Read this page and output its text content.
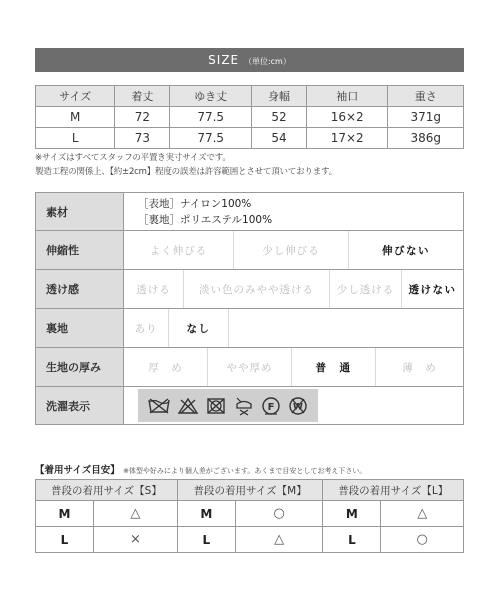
SIZE （単位:cm）
サイズ	着丈	ゆき丈	身幅	袖口	重さ
M	72	77.5	52	16×2	371g
L	73	77.5	54	17×2	386g
※サイズはすべてスタッフの平置き実寸サイズです。
製造工程の関係上、【約±2cm】程度の誤差は許容範囲とさせて頂いております。
素材	［表地］ナイロン100%
［裏地］ポリエステル100%

伸縮性	よく伸びる 少し伸びる 伸びない

透け感	透ける 淡い色のみやや透ける 少し透ける 透けない

裏地	あり なし

生地の厚み	厚　め やや厚め 普　通 薄　め

洗濯表示	F W
【着用サイズ目安】 ※体型や好みにより個人差がございます。あくまで目安としてお考え下さい。
普段の着用サイズ【S】		普段の着用サイズ【M】		普段の着用サイズ【L】	
M	△	M	○	M	△
L	×	L	△	L	○
